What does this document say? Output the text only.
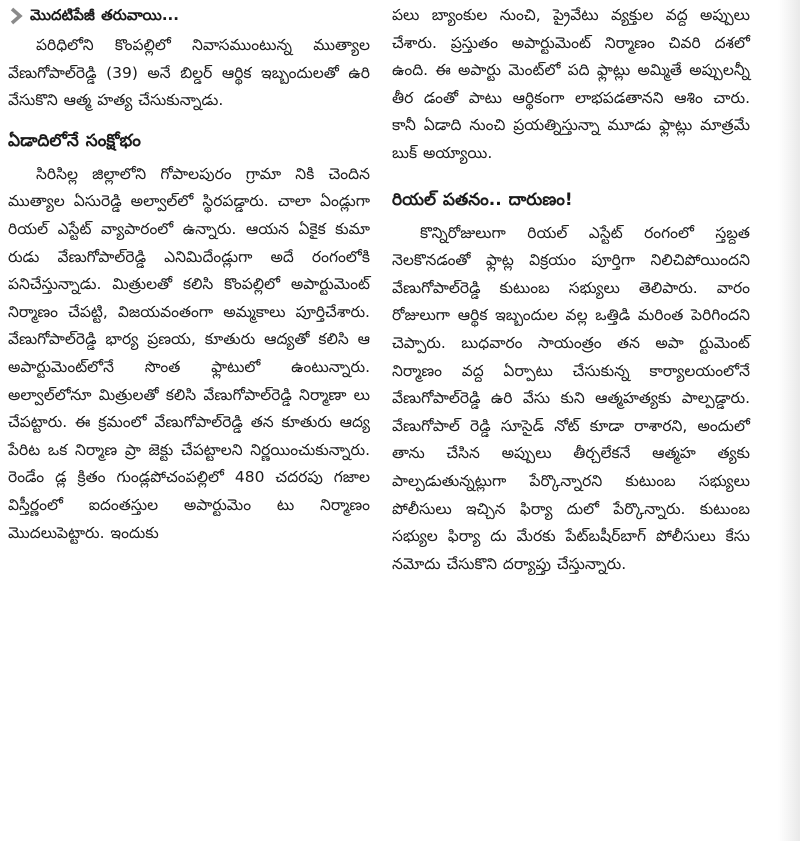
మొదటిపేజీ తరువాయి...

పరిధిలోని కొంపల్లిలో నివాసముంటున్న ముత్యాల వేణుగోపాల్‌రెడ్డి (39) అనే బిల్డర్ ఆర్థిక ఇబ్బందులతో ఉరి వేసుకొని ఆత్మ హత్య చేసుకున్నాడు.

ఏడాదిలోనే సంక్షోభం

సిరిసిల్ల జిల్లాలోని గోపాలపురం గ్రామా నికి చెందిన ముత్యాల ఏసురెడ్డి అల్వాల్‌లో స్థిరపడ్డారు. చాలా ఏండ్లుగా రియల్ ఎస్టేట్ వ్యాపారంలో ఉన్నారు. ఆయన ఏకైక కుమా రుడు వేణుగోపాల్‌రెడ్డి ఎనిమిదేండ్లుగా అదే రంగంలోకి పనిచేస్తున్నాడు. మిత్రులతో కలిసి కొంపల్లిలో అపార్టుమెంట్ నిర్మాణం చేపట్టి, విజయవంతంగా అమ్మకాలు పూర్తిచేశారు. వేణుగోపాల్‌రెడ్డి భార్య ప్రణయ, కూతురు ఆద్యతో కలిసి ఆ అపార్టుమెంట్‌లోనే సొంత ఫ్లాటులో ఉంటున్నారు. అల్వాల్‌లోనూ మిత్రులతో కలిసి వేణుగోపాల్‌రెడ్డి నిర్మాణా లు చేపట్టారు. ఈ క్రమంలో వేణుగోపాల్‌రెడ్డి తన కూతురు ఆద్య పేరిట ఒక నిర్మాణ ప్రా జెక్టు చేపట్టాలని నిర్ణయించుకున్నారు. రెండేం డ్ల క్రితం గుండ్లపోచంపల్లిలో 480 చదరపు గజాల విస్తీర్ణంలో ఐదంతస్తుల అపార్టుమెం టు నిర్మాణం మొదలుపెట్టారు. ఇందుకు

పలు బ్యాంకుల నుంచి, ప్రైవేటు వ్యక్తుల వద్ద అప్పులు చేశారు. ప్రస్తుతం అపార్టుమెంట్ నిర్మాణం చివరి దశలో ఉంది. ఈ అపార్టు మెంట్‌లో పది ఫ్లాట్లు అమ్మితే అప్పులన్నీ తీర డంతో పాటు ఆర్థికంగా లాభపడతానని ఆశిం చారు. కానీ ఏడాది నుంచి ప్రయత్నిస్తున్నా మూడు ఫ్లాట్లు మాత్రమే బుక్ అయ్యాయి.

రియల్ పతనం.. దారుణం!

కొన్నిరోజులుగా రియల్ ఎస్టేట్ రంగంలో స్తబ్దత నెలకొనడంతో ఫ్లాట్ల విక్రయం పూర్తిగా నిలిచిపోయిందని వేణుగోపాల్‌రెడ్డి కుటుంబ సభ్యులు తెలిపారు. వారం రోజులుగా ఆర్థిక ఇబ్బందుల వల్ల ఒత్తిడి మరింత పెరిగిందని చెప్పారు. బుధవారం సాయంత్రం తన అపా ర్టుమెంట్ నిర్మాణం వద్ద ఏర్పాటు చేసుకున్న కార్యాలయంలోనే వేణుగోపాల్‌రెడ్డి ఉరి వేసు కుని ఆత్మహత్యకు పాల్పడ్డారు. వేణుగోపాల్ రెడ్డి సూసైడ్ నోట్ కూడా రాశారని, అందులో తాను చేసిన అప్పులు తీర్చలేకనే ఆత్మహ త్యకు పాల్పడుతున్నట్లుగా పేర్కొన్నారని కుటుంబ సభ్యులు పోలీసులు ఇచ్చిన ఫిర్యా దులో పేర్కొన్నారు. కుటుంబ సభ్యుల ఫిర్యా దు మేరకు పేట్‌బషీర్‌బాగ్ పోలీసులు కేసు నమోదు చేసుకొని దర్యాప్తు చేస్తున్నారు.
